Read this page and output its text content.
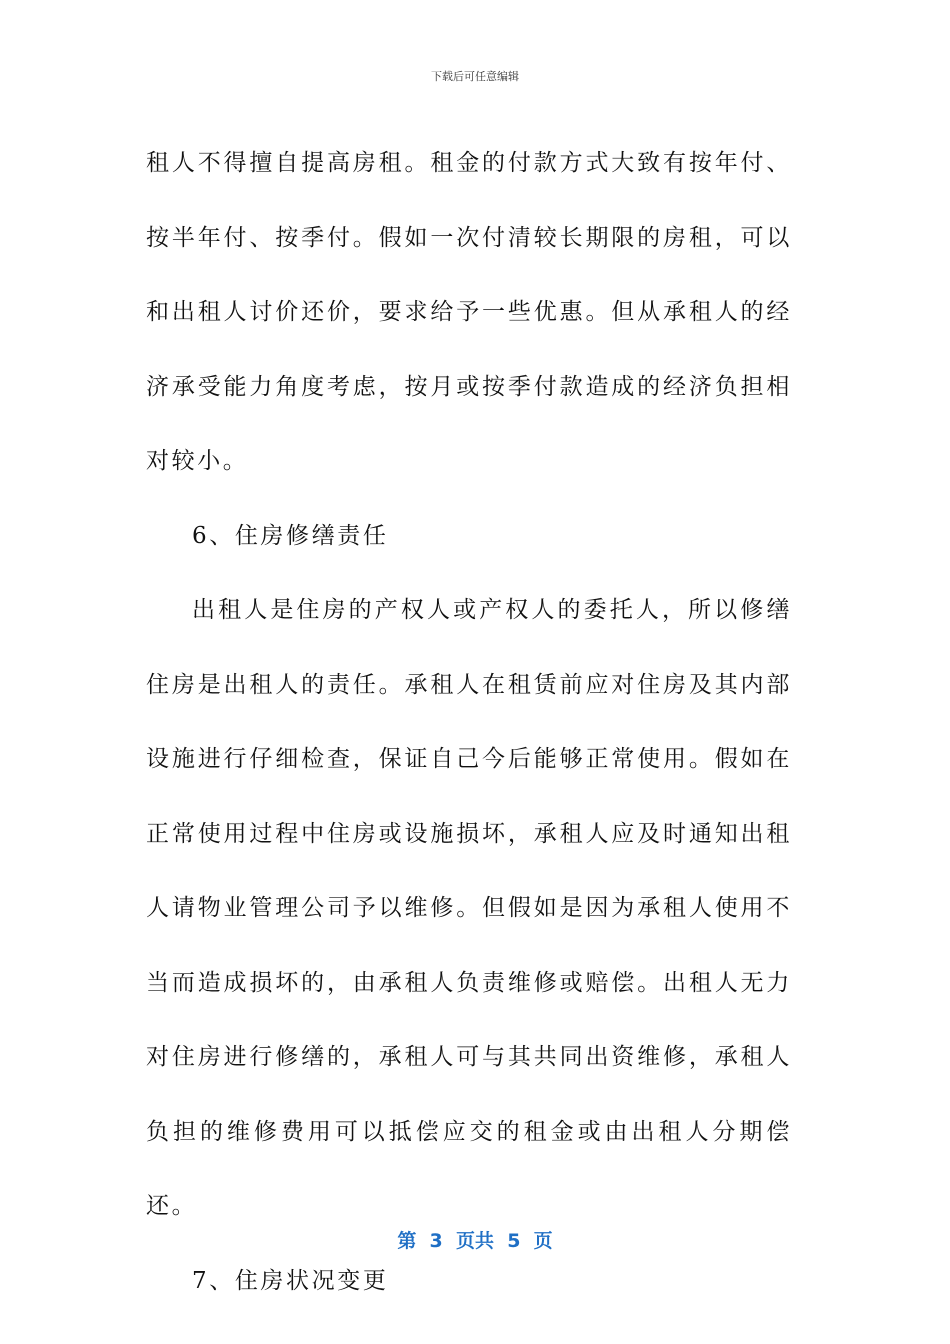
下载后可任意编辑

租人不得擅自提高房租。租金的付款方式大致有按年付、按半年付、按季付。假如一次付清较长期限的房租，可以和出租人讨价还价，要求给予一些优惠。但从承租人的经济承受能力角度考虑，按月或按季付款造成的经济负担相对较小。

6、住房修缮责任

出租人是住房的产权人或产权人的委托人，所以修缮住房是出租人的责任。承租人在租赁前应对住房及其内部设施进行仔细检查，保证自己今后能够正常使用。假如在正常使用过程中住房或设施损坏，承租人应及时通知出租人请物业管理公司予以维修。但假如是因为承租人使用不当而造成损坏的，由承租人负责维修或赔偿。出租人无力对住房进行修缮的，承租人可与其共同出资维修，承租人负担的维修费用可以抵偿应交的租金或由出租人分期偿还。

7、住房状况变更

第  3  页共  5  页
